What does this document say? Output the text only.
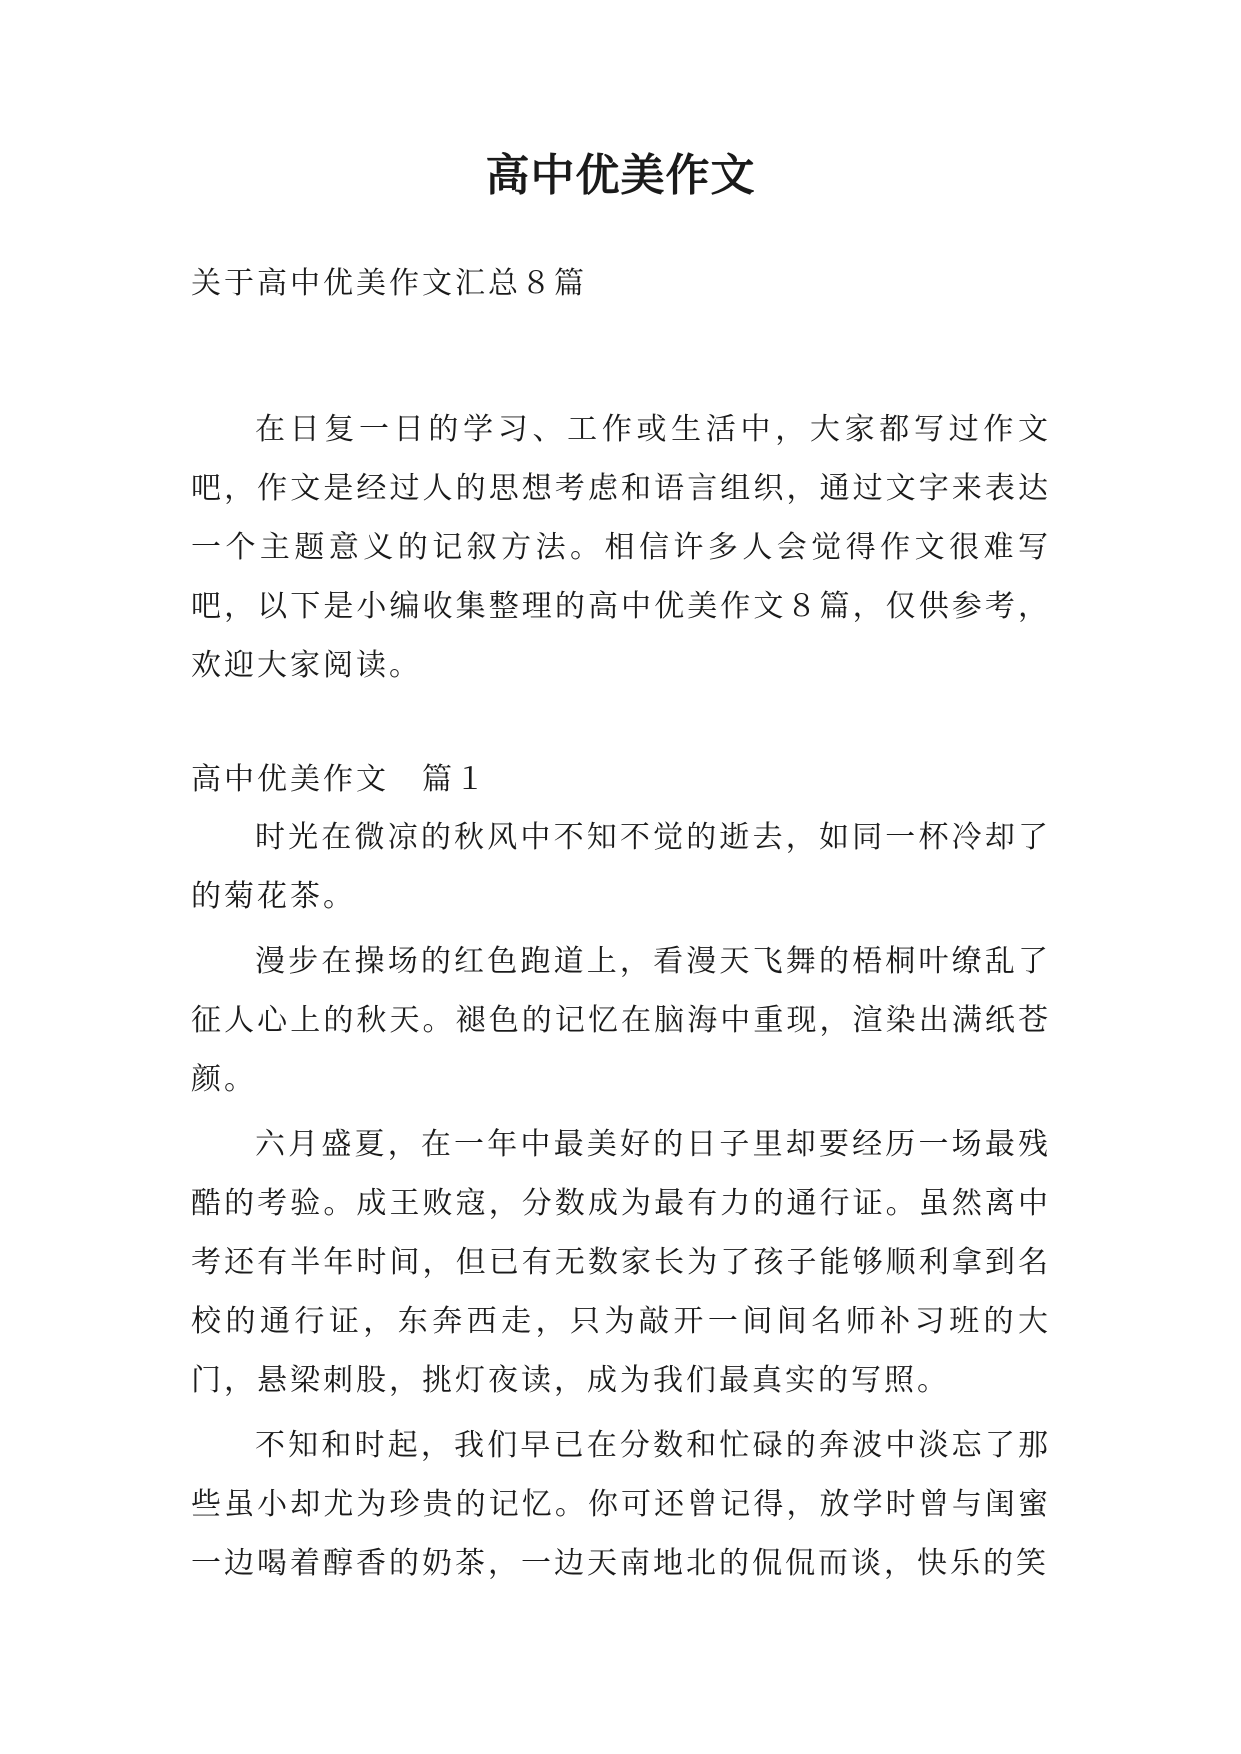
高中优美作文
关于高中优美作文汇总８篇

在日复一日的学习、工作或生活中，大家都写过作文吧，作文是经过人的思想考虑和语言组织，通过文字来表达一个主题意义的记叙方法。相信许多人会觉得作文很难写吧，以下是小编收集整理的高中优美作文８篇，仅供参考，欢迎大家阅读。

高中优美作文　篇１

时光在微凉的秋风中不知不觉的逝去，如同一杯冷却了的菊花茶。

漫步在操场的红色跑道上，看漫天飞舞的梧桐叶缭乱了征人心上的秋天。褪色的记忆在脑海中重现，渲染出满纸苍颜。

六月盛夏，在一年中最美好的日子里却要经历一场最残酷的考验。成王败寇，分数成为最有力的通行证。虽然离中考还有半年时间，但已有无数家长为了孩子能够顺利拿到名校的通行证，东奔西走，只为敲开一间间名师补习班的大门，悬梁刺股，挑灯夜读，成为我们最真实的写照。

不知和时起，我们早已在分数和忙碌的奔波中淡忘了那些虽小却尤为珍贵的记忆。你可还曾记得，放学时曾与闺蜜一边喝着醇香的奶茶，一边天南地北的侃侃而谈，快乐的笑
